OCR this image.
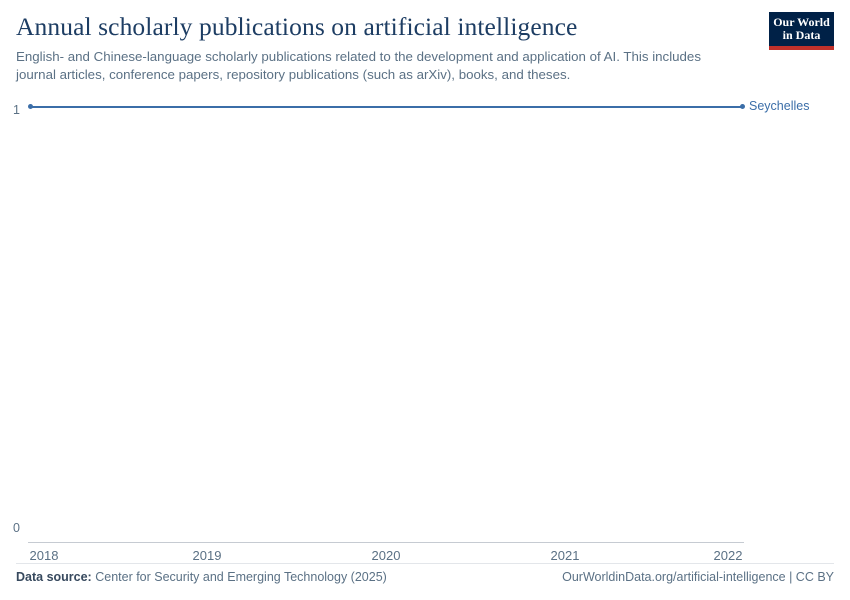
Annual scholarly publications on artificial intelligence

English- and Chinese-language scholarly publications related to the development and application of AI. This includes journal articles, conference papers, repository publications (such as arXiv), books, and theses.

Our World
in Data
1
0
2018	2019	2020	2021	2022
Seychelles
Data source: Center for Security and Emerging Technology (2025)	OurWorldinData.org/artificial-intelligence | CC BY
